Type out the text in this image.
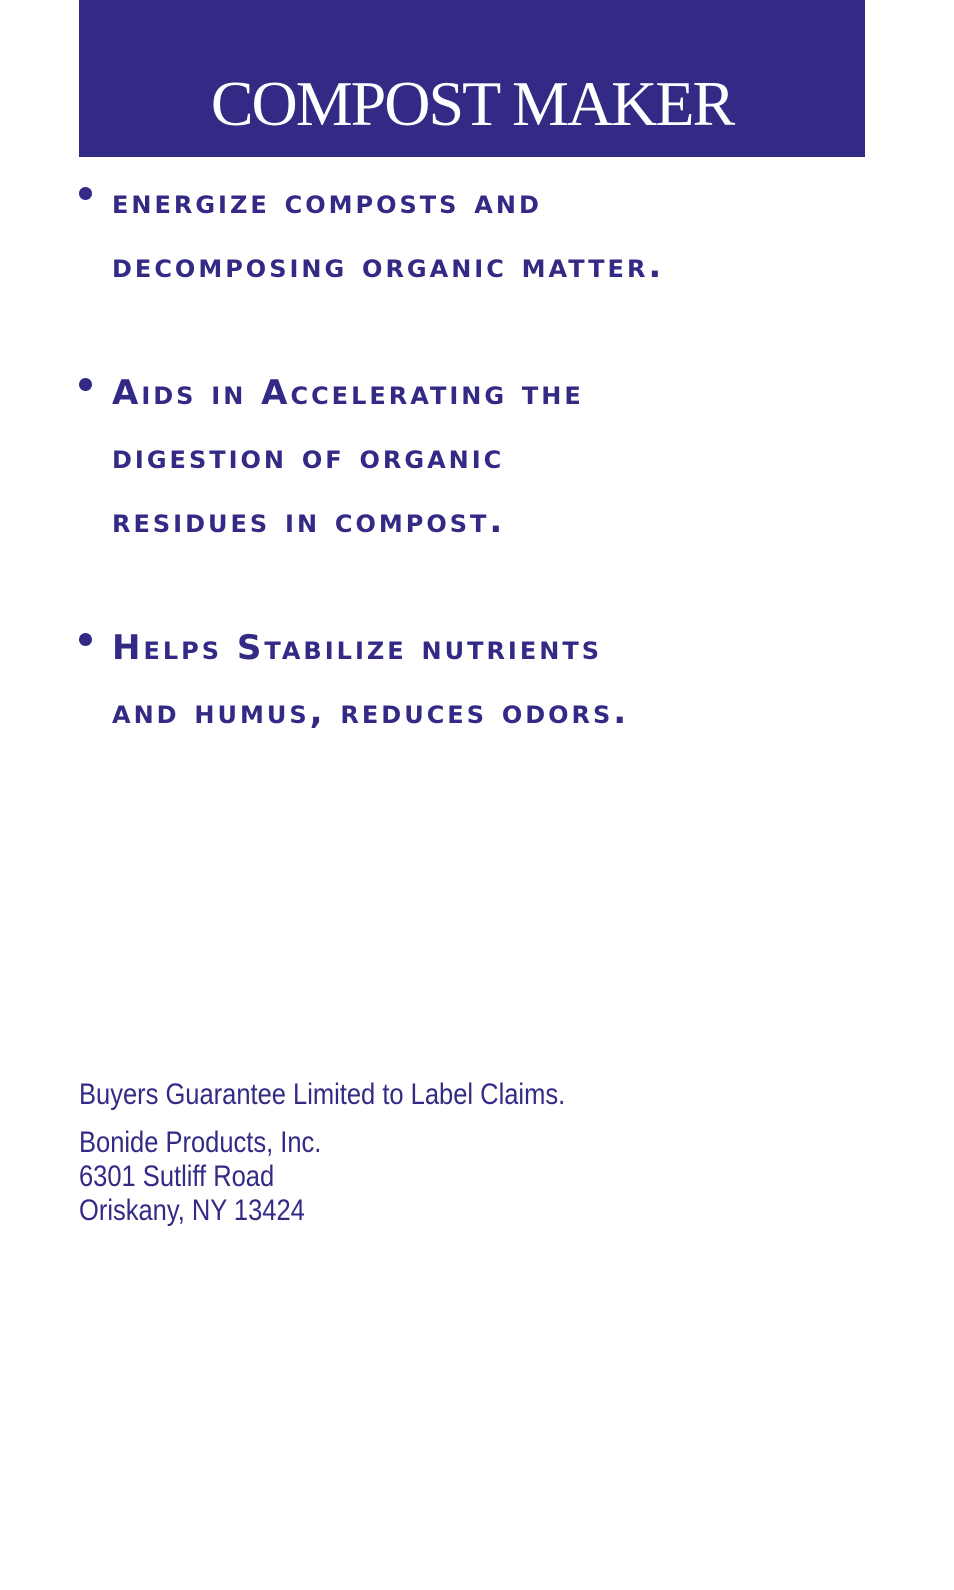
COMPOST MAKER
energize composts and
decomposing organic matter.
Aids in Accelerating the
digestion of organic
residues in compost.
Helps Stabilize nutrients
and humus, reduces odors.
Buyers Guarantee Limited to Label Claims.
Bonide Products, Inc.
6301 Sutliff Road
Oriskany, NY 13424
